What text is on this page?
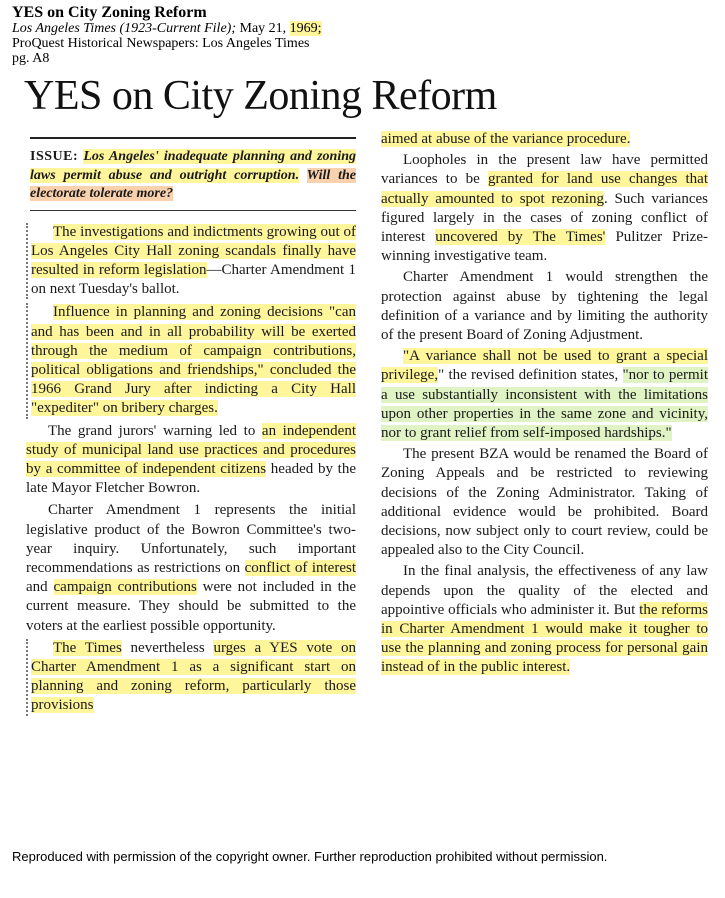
YES on City Zoning Reform
Los Angeles Times (1923-Current File); May 21, 1969;
ProQuest Historical Newspapers: Los Angeles Times
pg. A8
YES on City Zoning Reform
ISSUE: Los Angeles' inadequate planning and zoning laws permit abuse and outright corruption. Will the electorate tolerate more?

The investigations and indictments growing out of Los Angeles City Hall zoning scandals finally have resulted in reform legislation—Charter Amendment 1 on next Tuesday's ballot.

Influence in planning and zoning decisions "can and has been and in all probability will be exerted through the medium of campaign contributions, political obligations and friendships," concluded the 1966 Grand Jury after indicting a City Hall "expediter" on bribery charges.

The grand jurors' warning led to an independent study of municipal land use practices and procedures by a committee of independent citizens headed by the late Mayor Fletcher Bowron.

Charter Amendment 1 represents the initial legislative product of the Bowron Committee's two-year inquiry. Unfortunately, such important recommendations as restrictions on conflict of interest and campaign contributions were not included in the current measure. They should be submitted to the voters at the earliest possible opportunity.

The Times nevertheless urges a YES vote on Charter Amendment 1 as a significant start on planning and zoning reform, particularly those provisions

aimed at abuse of the variance procedure.

Loopholes in the present law have permitted variances to be granted for land use changes that actually amounted to spot rezoning. Such variances figured largely in the cases of zoning conflict of interest uncovered by The Times' Pulitzer Prize-winning investigative team.

Charter Amendment 1 would strengthen the protection against abuse by tightening the legal definition of a variance and by limiting the authority of the present Board of Zoning Adjustment.

"A variance shall not be used to grant a special privilege," the revised definition states, "nor to permit a use substantially inconsistent with the limitations upon other properties in the same zone and vicinity, nor to grant relief from self-imposed hardships."

The present BZA would be renamed the Board of Zoning Appeals and be restricted to reviewing decisions of the Zoning Administrator. Taking of additional evidence would be prohibited. Board decisions, now subject only to court review, could be appealed also to the City Council.

In the final analysis, the effectiveness of any law depends upon the quality of the elected and appointive officials who administer it. But the reforms in Charter Amendment 1 would make it tougher to use the planning and zoning process for personal gain instead of in the public interest.

Reproduced with permission of the copyright owner. Further reproduction prohibited without permission.
